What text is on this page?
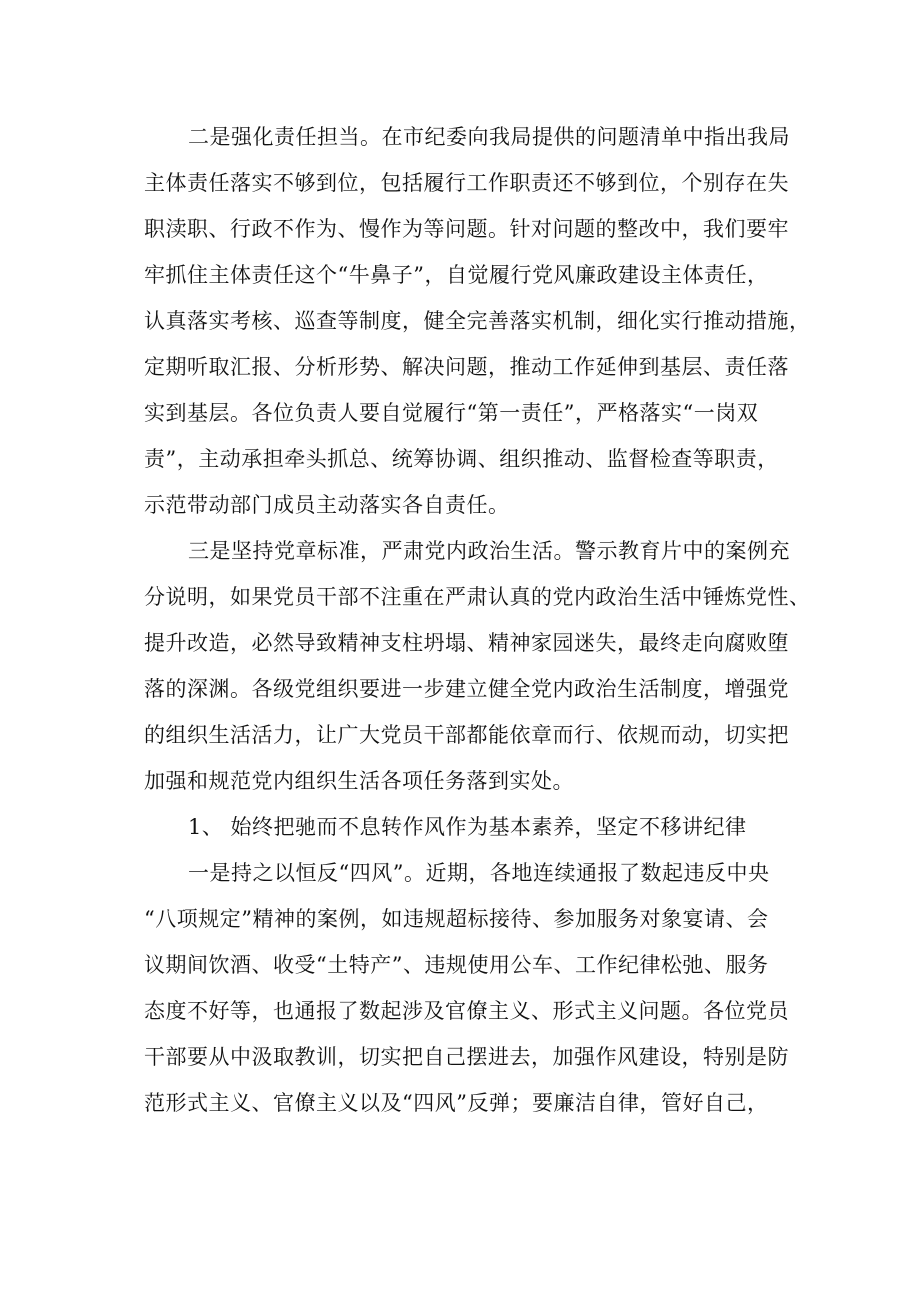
二是强化责任担当。在市纪委向我局提供的问题清单中指出我局
主体责任落实不够到位，包括履行工作职责还不够到位，个别存在失
职渎职、行政不作为、慢作为等问题。针对问题的整改中，我们要牢
牢抓住主体责任这个“牛鼻子”，自觉履行党风廉政建设主体责任，
认真落实考核、巡查等制度，健全完善落实机制，细化实行推动措施，
定期听取汇报、分析形势、解决问题，推动工作延伸到基层、责任落
实到基层。各位负责人要自觉履行“第一责任”，严格落实“一岗双
责”，主动承担牵头抓总、统筹协调、组织推动、监督检查等职责，
示范带动部门成员主动落实各自责任。
三是坚持党章标准，严肃党内政治生活。警示教育片中的案例充
分说明，如果党员干部不注重在严肃认真的党内政治生活中锤炼党性、
提升改造，必然导致精神支柱坍塌、精神家园迷失，最终走向腐败堕
落的深渊。各级党组织要进一步建立健全党内政治生活制度，增强党
的组织生活活力，让广大党员干部都能依章而行、依规而动，切实把
加强和规范党内组织生活各项任务落到实处。
1、 始终把驰而不息转作风作为基本素养，坚定不移讲纪律
一是持之以恒反“四风”。近期，各地连续通报了数起违反中央
“八项规定”精神的案例，如违规超标接待、参加服务对象宴请、会
议期间饮酒、收受“土特产”、违规使用公车、工作纪律松弛、服务
态度不好等，也通报了数起涉及官僚主义、形式主义问题。各位党员
干部要从中汲取教训，切实把自己摆进去，加强作风建设，特别是防
范形式主义、官僚主义以及“四风”反弹；要廉洁自律，管好自己，
